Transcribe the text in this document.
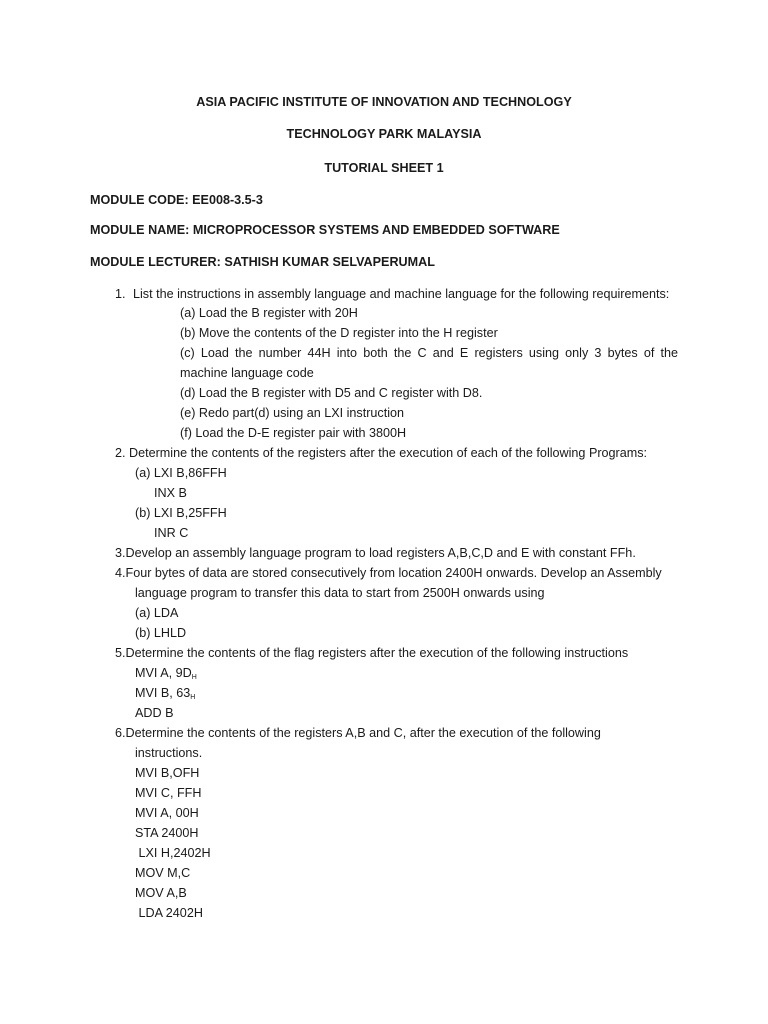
ASIA PACIFIC INSTITUTE OF INNOVATION AND TECHNOLOGY
TECHNOLOGY PARK MALAYSIA
TUTORIAL SHEET 1
MODULE CODE: EE008-3.5-3
MODULE NAME: MICROPROCESSOR SYSTEMS AND EMBEDDED SOFTWARE
MODULE LECTURER: SATHISH KUMAR SELVAPERUMAL
1. List the instructions in assembly language and machine language for the following requirements:
(a) Load the B register with 20H
(b) Move the contents of the D register into the H register
(c) Load the number 44H into both the C and E registers using only 3 bytes of the
machine language code
(d) Load the B register with D5 and C register with D8.
(e) Redo part(d) using an LXI instruction
(f) Load the D-E register pair with 3800H
2. Determine the contents of the registers after the execution of each of the following Programs:
(a) LXI B,86FFH
INX B
(b) LXI B,25FFH
INR C
3.Develop an assembly language program to load registers A,B,C,D and E with constant FFh.
4.Four bytes of data are stored consecutively from location 2400H onwards. Develop an Assembly
language program to transfer this data to start from 2500H onwards using
(a) LDA
(b) LHLD
5.Determine the contents of the flag registers after the execution of the following instructions
MVI A, $9D_H$
MVI B, $63_H$
ADD B
6.Determine the contents of the registers A,B and C, after the execution of the following
instructions.
MVI B,OFH
MVI C, FFH
MVI A, 00H
STA 2400H
LXI H,2402H
MOV M,C
MOV A,B
LDA 2402H
